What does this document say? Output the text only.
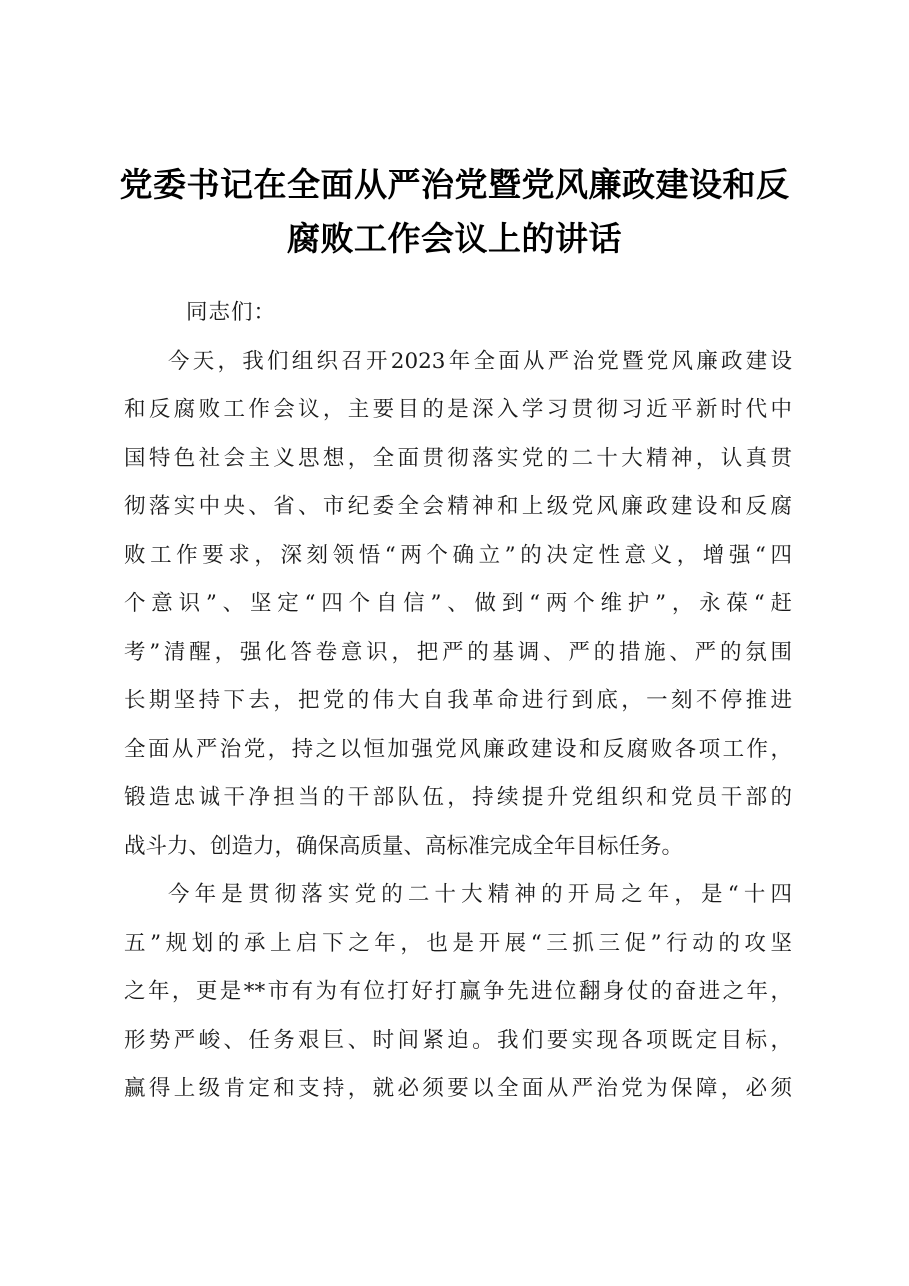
党委书记在全面从严治党暨党风廉政建设和反
腐败工作会议上的讲话
同志们：
今天，我们组织召开2023年全面从严治党暨党风廉政建设
和反腐败工作会议，主要目的是深入学习贯彻习近平新时代中
国特色社会主义思想，全面贯彻落实党的二十大精神，认真贯
彻落实中央、省、市纪委全会精神和上级党风廉政建设和反腐
败工作要求，深刻领悟“两个确立”的决定性意义，增强“四
个意识”、坚定“四个自信”、做到“两个维护”，永葆“赶
考”清醒，强化答卷意识，把严的基调、严的措施、严的氛围
长期坚持下去，把党的伟大自我革命进行到底，一刻不停推进
全面从严治党，持之以恒加强党风廉政建设和反腐败各项工作，
锻造忠诚干净担当的干部队伍，持续提升党组织和党员干部的
战斗力、创造力，确保高质量、高标准完成全年目标任务。
今年是贯彻落实党的二十大精神的开局之年，是“十四
五”规划的承上启下之年，也是开展“三抓三促”行动的攻坚
之年，更是**市有为有位打好打赢争先进位翻身仗的奋进之年，
形势严峻、任务艰巨、时间紧迫。我们要实现各项既定目标，
赢得上级肯定和支持，就必须要以全面从严治党为保障，必须
